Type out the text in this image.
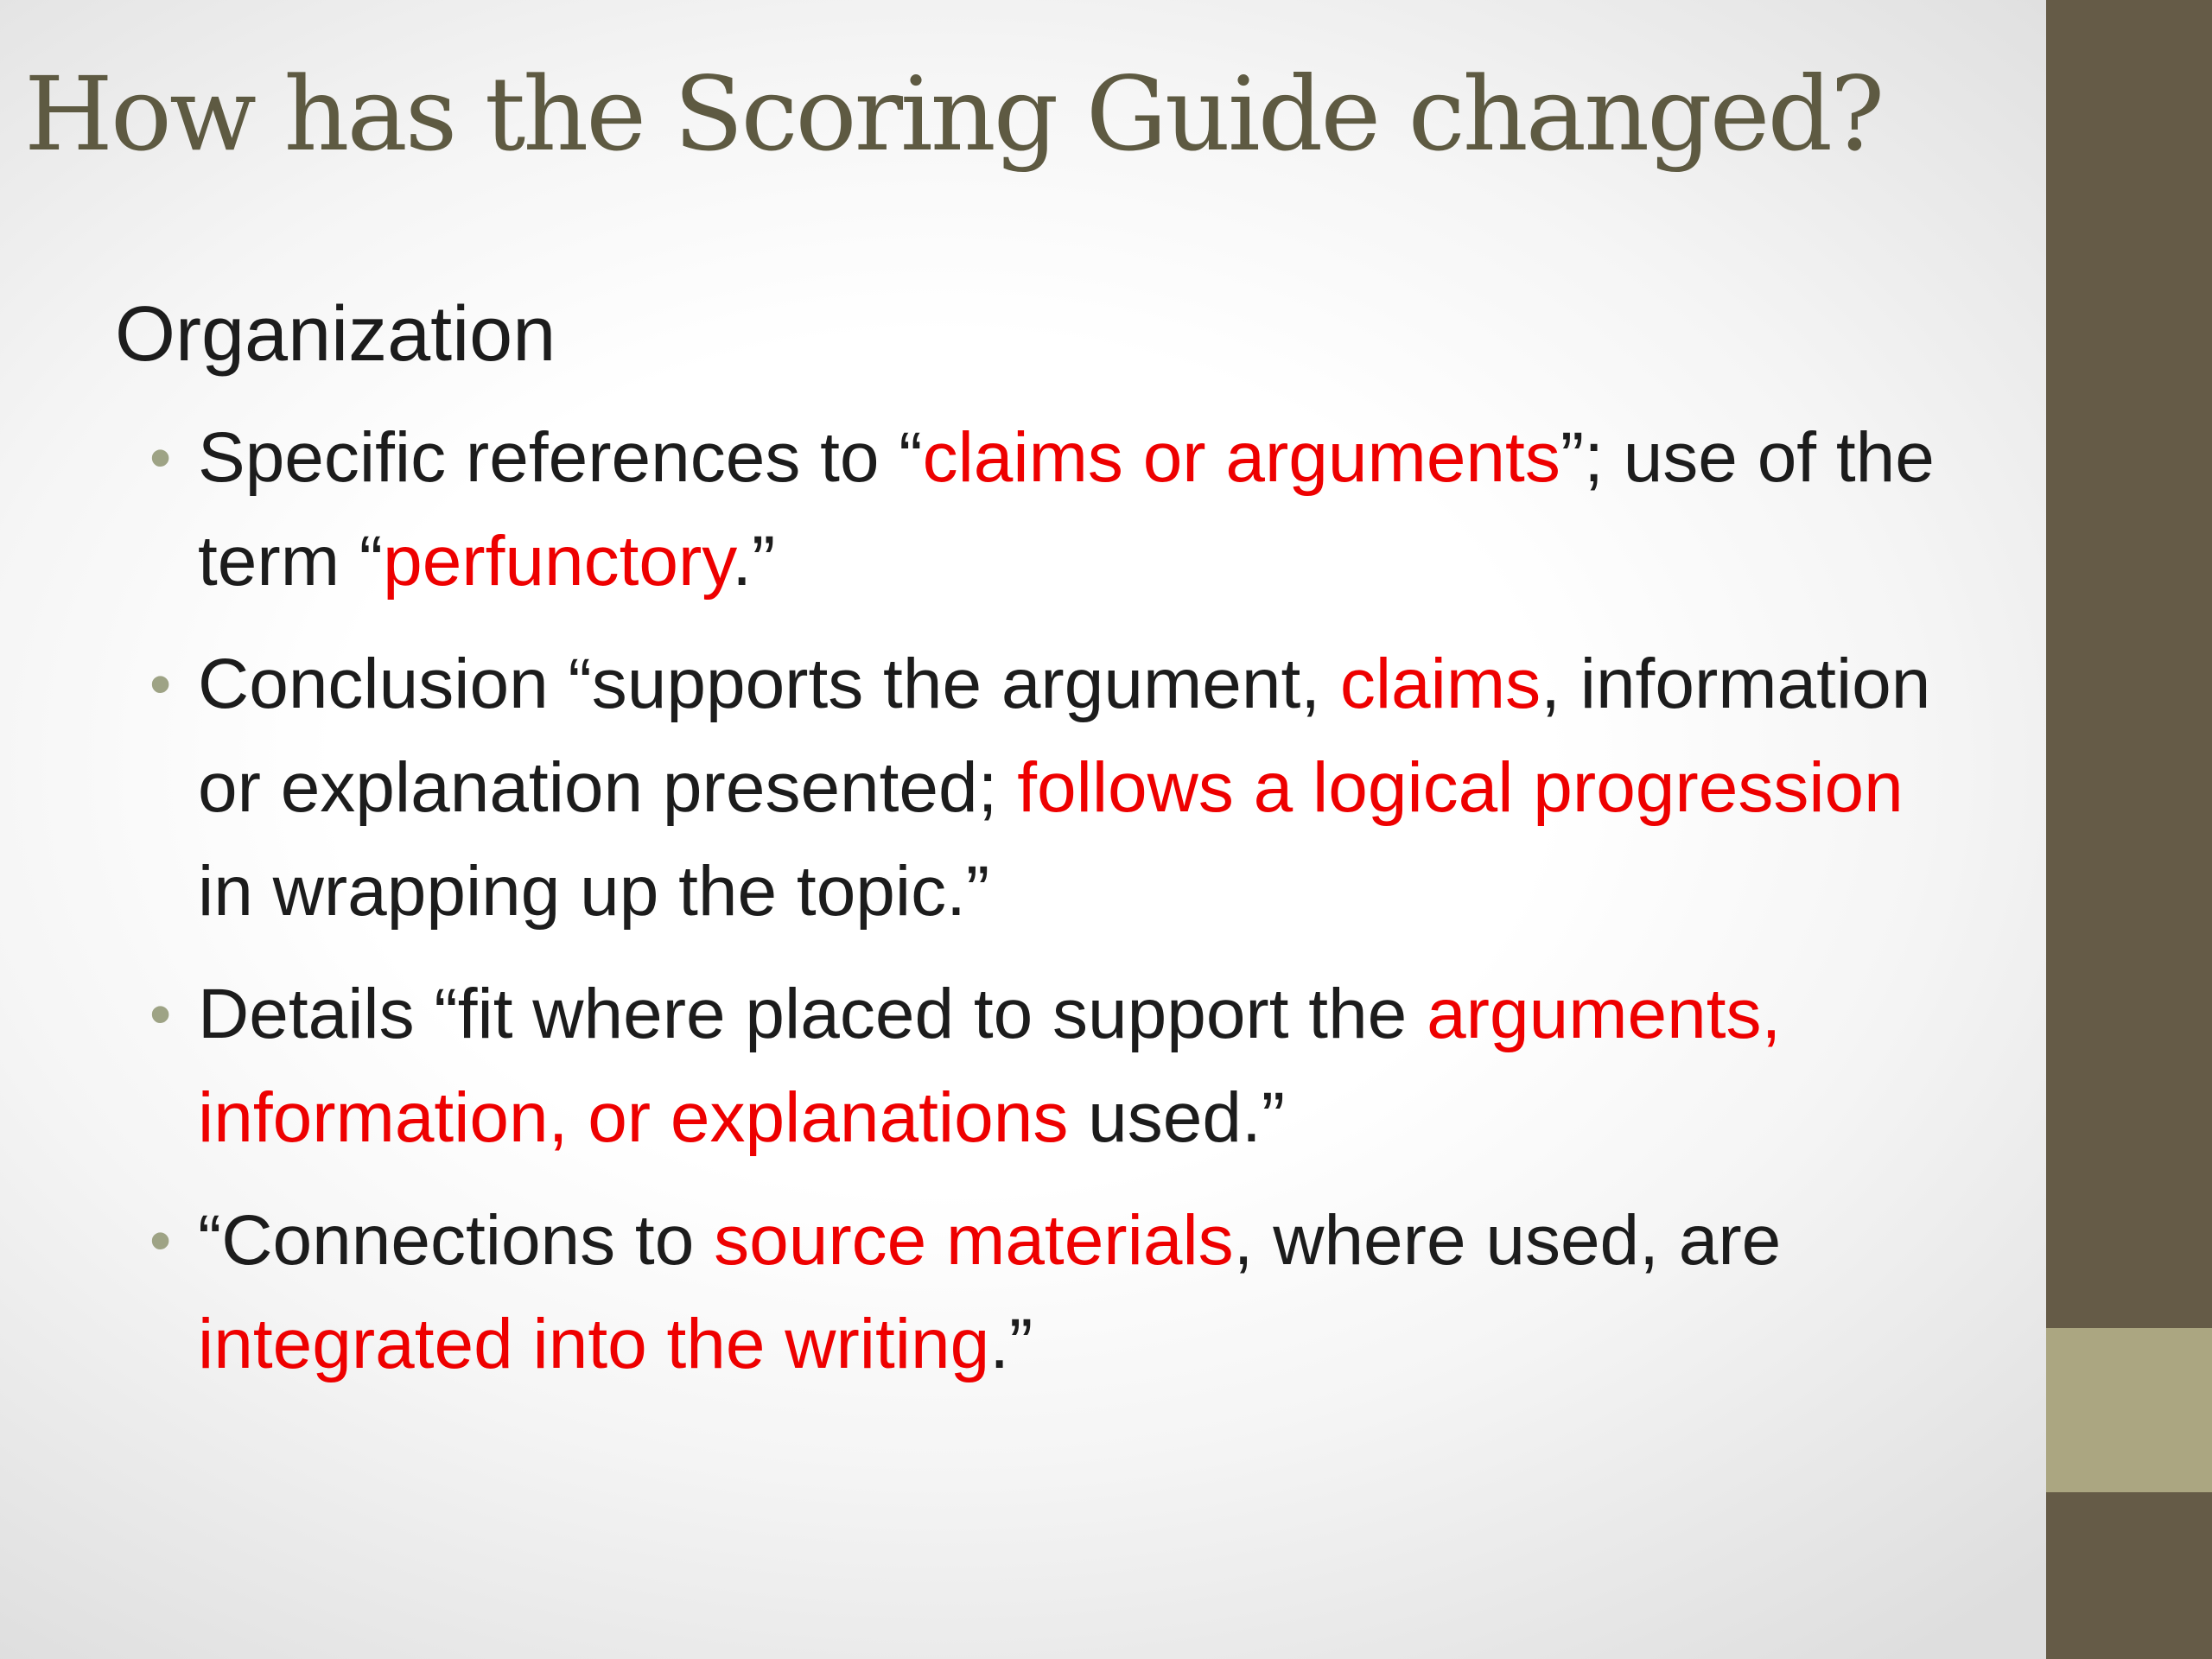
How has the Scoring Guide changed?
Organization
• Specific references to “claims or arguments”; use of the term “perfunctory.”
• Conclusion “supports the argument, claims, information or explanation presented; follows a logical progression in wrapping up the topic.”
• Details “fit where placed to support the arguments, information, or explanations used.”
• “Connections to source materials, where used, are integrated into the writing.”
